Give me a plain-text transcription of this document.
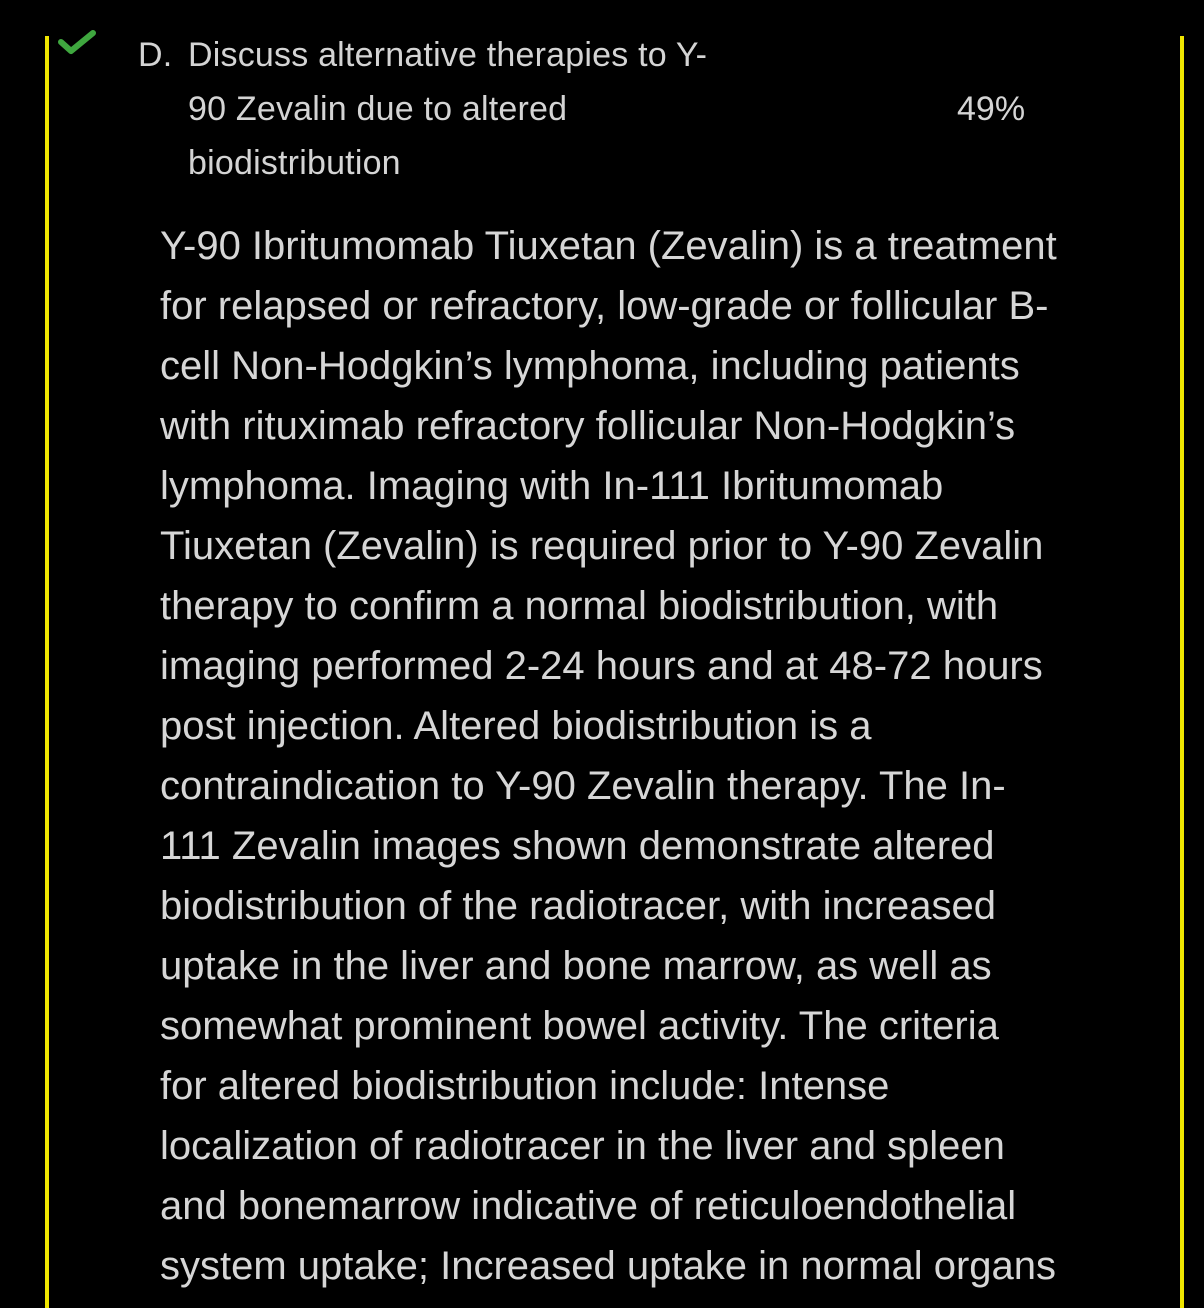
D. Discuss alternative therapies to Y-
90 Zevalin due to altered
biodistribution
49%
Y-90 Ibritumomab Tiuxetan (Zevalin) is a treatment
for relapsed or refractory, low-grade or follicular B-
cell Non-Hodgkin’s lymphoma, including patients
with rituximab refractory follicular Non-Hodgkin’s
lymphoma. Imaging with In-111 Ibritumomab
Tiuxetan (Zevalin) is required prior to Y-90 Zevalin
therapy to confirm a normal biodistribution, with
imaging performed 2-24 hours and at 48-72 hours
post injection. Altered biodistribution is a
contraindication to Y-90 Zevalin therapy. The In-
111 Zevalin images shown demonstrate altered
biodistribution of the radiotracer, with increased
uptake in the liver and bone marrow, as well as
somewhat prominent bowel activity. The criteria
for altered biodistribution include: Intense
localization of radiotracer in the liver and spleen
and bonemarrow indicative of reticuloendothelial
system uptake; Increased uptake in normal organs
